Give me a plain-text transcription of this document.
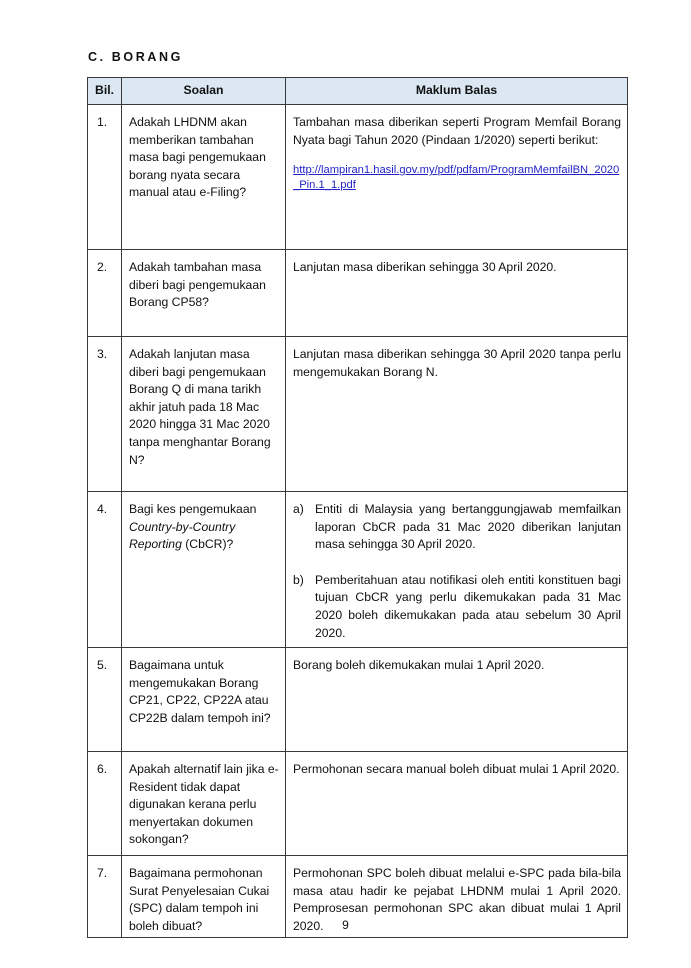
C. BORANG
Bil.	Soalan	Maklum Balas
1.	Adakah LHDNM akan memberikan tambahan masa bagi pengemukaan borang nyata secara manual atau e-Filing?	Tambahan masa diberikan seperti Program Memfail Borang Nyata bagi Tahun 2020 (Pindaan 1/2020) seperti berikut:
http://lampiran1.hasil.gov.my/pdf/pdfam/ProgramMemfailBN_2020_Pin.1_1.pdf

2.	Adakah tambahan masa diberi bagi pengemukaan Borang CP58?	Lanjutan masa diberikan sehingga 30 April 2020.
3.	Adakah lanjutan masa diberi bagi pengemukaan Borang Q di mana tarikh akhir jatuh pada 18 Mac 2020 hingga 31 Mac 2020 tanpa menghantar Borang N?	Lanjutan masa diberikan sehingga 30 April 2020 tanpa perlu mengemukakan Borang N.
4.	Bagi kes pengemukaan Country-by-Country Reporting (CbCR)?	a) Entiti di Malaysia yang bertanggungjawab memfailkan laporan CbCR pada 31 Mac 2020 diberikan lanjutan masa sehingga 30 April 2020.
b) Pemberitahuan atau notifikasi oleh entiti konstituen bagi tujuan CbCR yang perlu dikemukakan pada 31 Mac 2020 boleh dikemukakan pada atau sebelum 30 April 2020.

5.	Bagaimana untuk mengemukakan Borang CP21, CP22, CP22A atau CP22B dalam tempoh ini?	Borang boleh dikemukakan mulai 1 April 2020.
6.	Apakah alternatif lain jika e-Resident tidak dapat digunakan kerana perlu menyertakan dokumen sokongan?	Permohonan secara manual boleh dibuat mulai 1 April 2020.
7.	Bagaimana permohonan Surat Penyelesaian Cukai (SPC) dalam tempoh ini boleh dibuat?	Permohonan SPC boleh dibuat melalui e-SPC pada bila-bila masa atau hadir ke pejabat LHDNM mulai 1 April 2020. Pemprosesan permohonan SPC akan dibuat mulai 1 April 2020.	9
